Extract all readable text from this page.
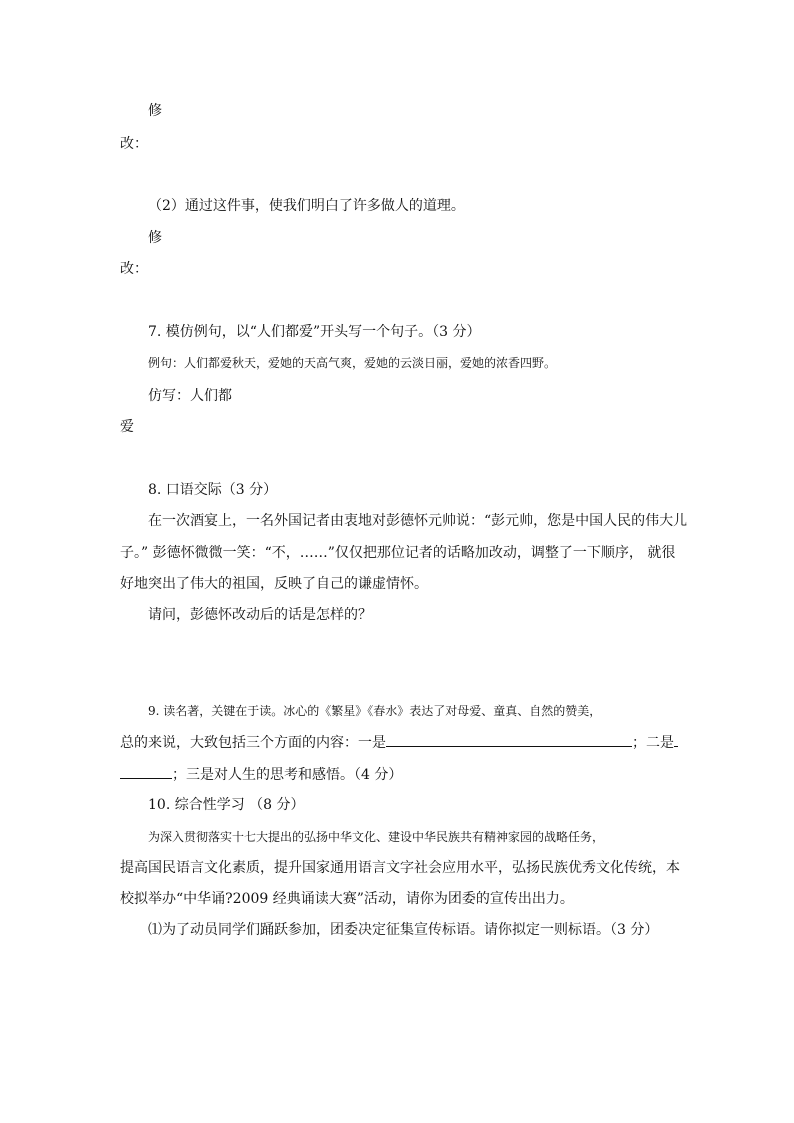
修
改：
（2）通过这件事，使我们明白了许多做人的道理。
修
改：
7. 模仿例句，以“人们都爱”开头写一个句子。（3 分）
例句：人们都爱秋天，爱她的天高气爽，爱她的云淡日丽，爱她的浓香四野。
仿写：人们都
爱
8. 口语交际（3 分）
在一次酒宴上，一名外国记者由衷地对彭德怀元帅说：“彭元帅，您是中国人民的伟大儿
子。” 彭德怀微微一笑：“不，……”仅仅把那位记者的话略加改动，调整了一下顺序， 就很
好地突出了伟大的祖国，反映了自己的谦虚情怀。
请问，彭德怀改动后的话是怎样的？
9. 读名著，关键在于读。冰心的《繁星》《春水》表达了对母爱、童真、自然的赞美，
总的来说，大致包括三个方面的内容：一是	；二是
；三是对人生的思考和感悟。（4 分）
10. 综合性学习 （8 分）
为深入贯彻落实十七大提出的弘扬中华文化、建设中华民族共有精神家园的战略任务，
提高国民语言文化素质，提升国家通用语言文字社会应用水平，弘扬民族优秀文化传统，本
校拟举办“中华诵?2009 经典诵读大赛”活动，请你为团委的宣传出出力。
⑴为了动员同学们踊跃参加，团委决定征集宣传标语。请你拟定一则标语。（3 分）
